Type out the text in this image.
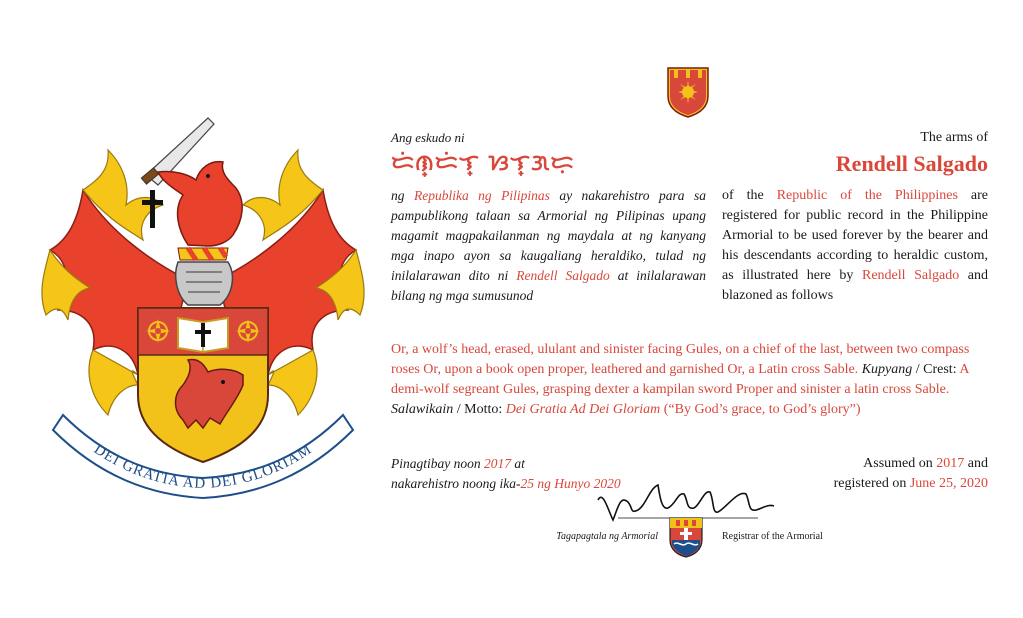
DEI GRATIA AD DEI GLORIAM
Ang eskudo ni
ᜇᜒᜈ᜔ᜇᜒᜎ᜔ ᜐᜎ᜔ᜄᜇᜓ
ng Republika ng Pilipinas ay nakarehistro para sa pampublikong talaan sa Armorial ng Pilipinas upang magamit magpakailanman ng maydala at ng kanyang mga inapo ayon sa kaugaliang heraldiko, tulad ng inilalarawan dito ni Rendell Salgado at inilalarawan bilang ng mga sumusunod
The arms of
Rendell Salgado
of the Republic of the Philippines are registered for public record in the Philippine Armorial to be used forever by the bearer and his descendants according to heraldic custom, as illustrated here by Rendell Salgado and blazoned as follows
Or, a wolf’s head, erased, ululant and sinister facing Gules, on a chief of the last, between two compass roses Or, upon a book open proper, leathered and garnished Or, a Latin cross Sable. Kupyang / Crest: A demi-wolf segreant Gules, grasping dexter a kampilan sword Proper and sinister a latin cross Sable. Salawikain / Motto: Dei Gratia Ad Dei Gloriam (“By God’s grace, to God’s glory”)
Pinagtibay noon 2017 at
nakarehistro noong ika-25 ng Hunyo 2020
Assumed on 2017 and
registered on June 25, 2020
Tagapagtala ng Armorial	Registrar of the Armorial
